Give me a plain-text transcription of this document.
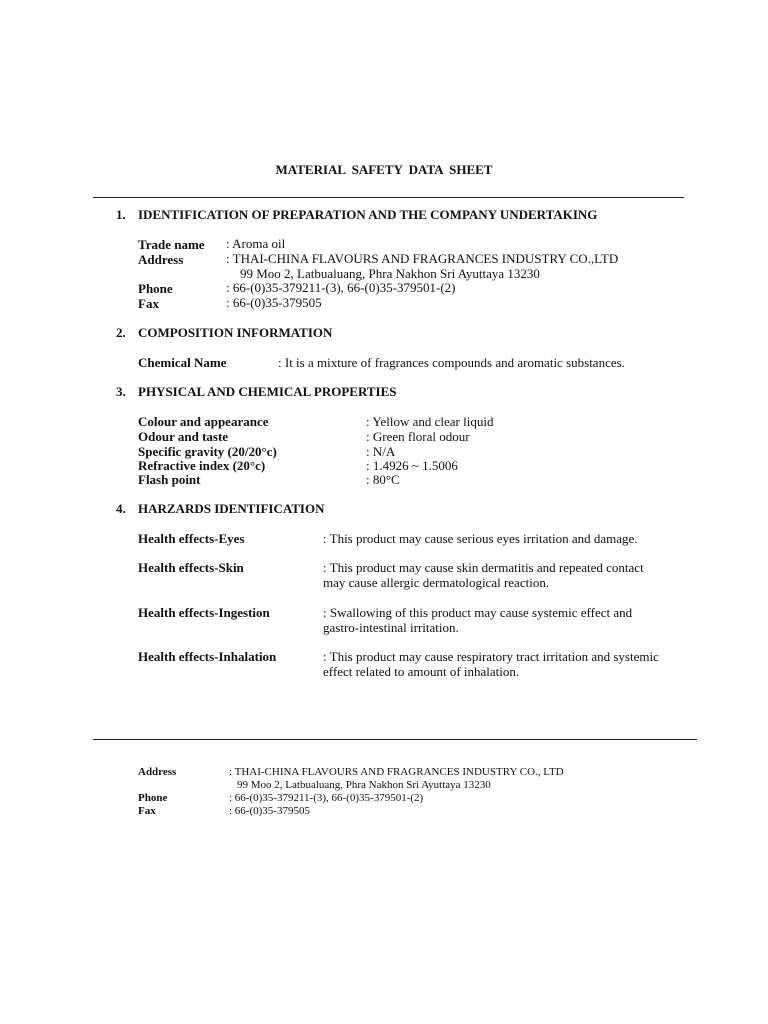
MATERIAL SAFETY DATA SHEET
1. IDENTIFICATION OF PREPARATION AND THE COMPANY UNDERTAKING
Trade name : Aroma oil
Address	: THAI-CHINA FLAVOURS AND FRAGRANCES INDUSTRY CO.,LTD
99 Moo 2, Latbualuang, Phra Nakhon Sri Ayuttaya 13230
Phone	: 66-(0)35-379211-(3), 66-(0)35-379501-(2)
Fax	: 66-(0)35-379505
2. COMPOSITION INFORMATION
Chemical Name	: It is a mixture of fragrances compounds and aromatic substances.
3. PHYSICAL AND CHEMICAL PROPERTIES
Colour and appearance	: Yellow and clear liquid
Odour and taste	: Green floral odour
Specific gravity (20/20°c)	: N/A
Refractive index (20°c)	: 1.4926 ~ 1.5006
Flash point	: 80°C
4. HARZARDS IDENTIFICATION
Health effects-Eyes	: This product may cause serious eyes irritation and damage.
Health effects-Skin	: This product may cause skin dermatitis and repeated contact may cause allergic dermatological reaction.
Health effects-Ingestion	: Swallowing of this product may cause systemic effect and gastro-intestinal irritation.
Health effects-Inhalation	: This product may cause respiratory tract irritation and systemic effect related to amount of inhalation.
Address	: THAI-CHINA FLAVOURS AND FRAGRANCES INDUSTRY CO., LTD
99 Moo 2, Latbualuang, Phra Nakhon Sri Ayuttaya 13230
Phone	: 66-(0)35-379211-(3), 66-(0)35-379501-(2)
Fax	: 66-(0)35-379505
